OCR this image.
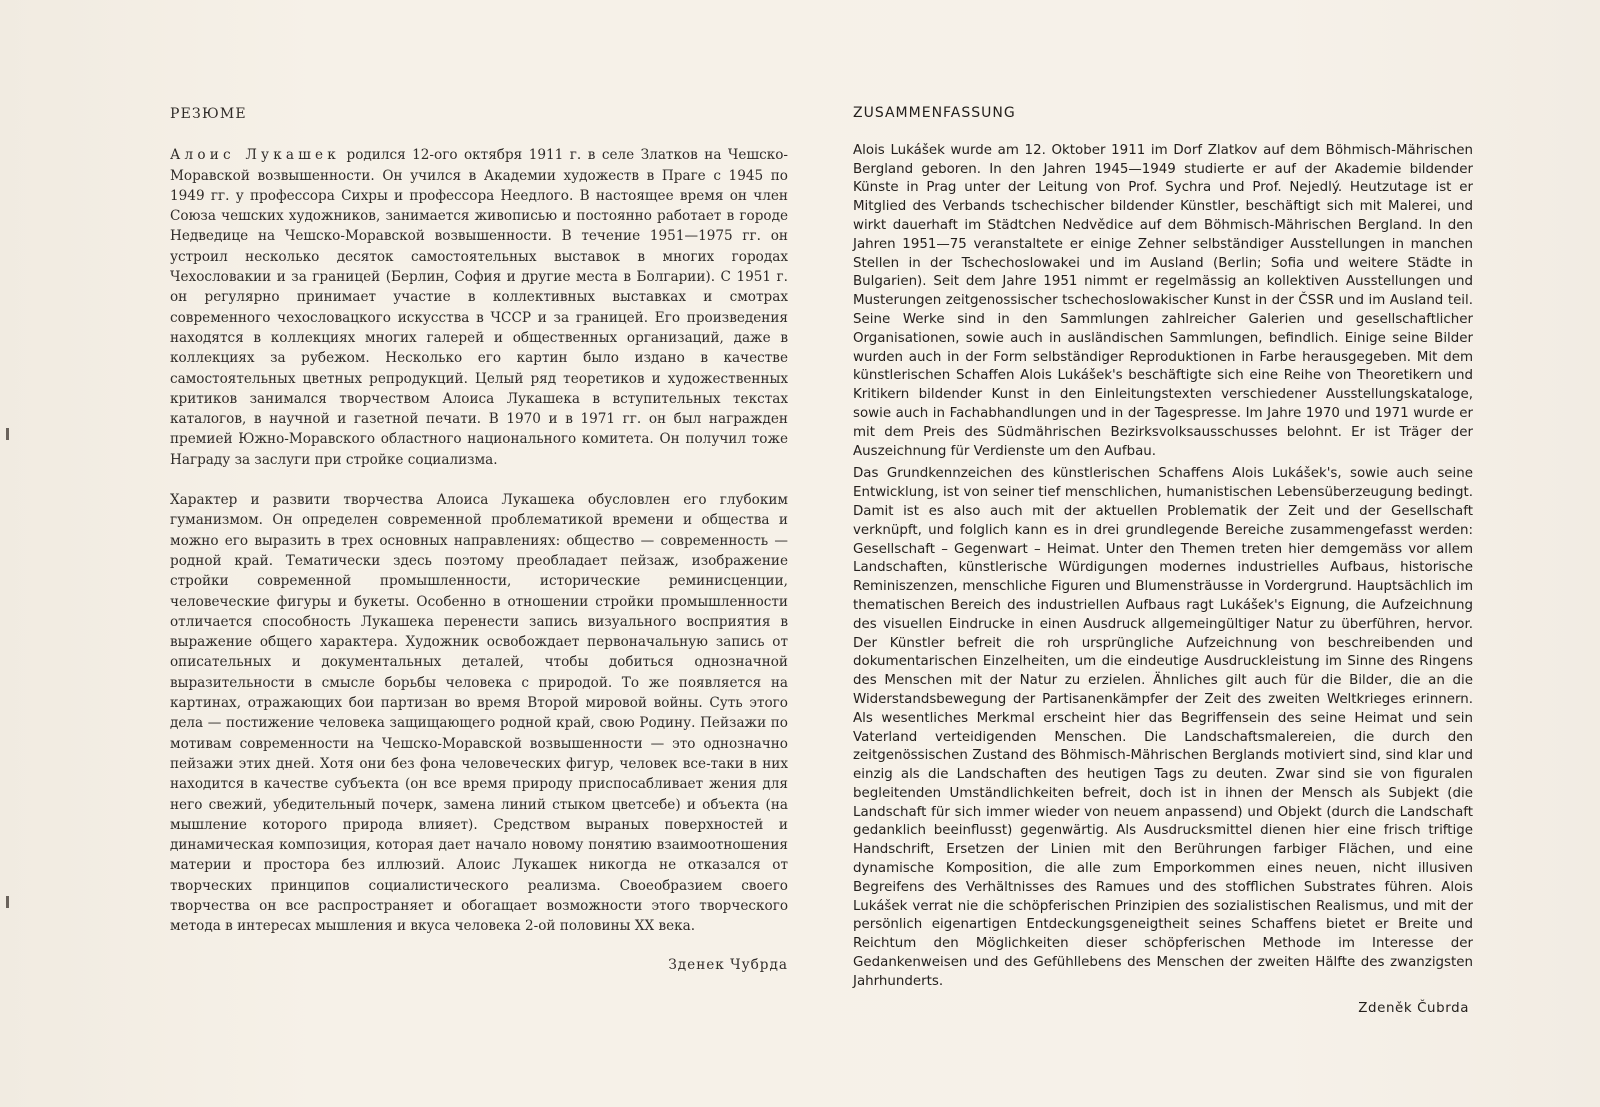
РЕЗЮМЕ

Алоис Лукашек родился 12-ого октября 1911 г. в селе Златков на Чешско-Моравской возвышенности. Он учился в Академии художеств в Праге с 1945 по 1949 гг. у профессора Сихры и профессора Неедлого. В настоящее время он член Союза чешских художников, занимается живописью и постоянно работает в городе Недведице на Чешско-Моравской возвышенности. В течение 1951—1975 гг. он устроил несколько десяток самостоятельных выставок в многих городах Чехословакии и за границей (Берлин, София и другие места в Болгарии). С 1951 г. он регулярно принимает участие в коллективных выставках и смотрах современного чехословацкого искусства в ЧССР и за границей. Его произведения находятся в коллекциях многих галерей и общественных организаций, даже в коллекциях за рубежом. Несколько его картин было издано в качестве самостоятельных цветных репродукций. Целый ряд теоретиков и художественных критиков занимался творчеством Алоиса Лукашека в вступительных текстах каталогов, в научной и газетной печати. В 1970 и в 1971 гг. он был награжден премией Южно-Моравского областного национального комитета. Он получил тоже Награду за заслуги при стройке социализма.

Характер и развити творчества Алоиса Лукашека обусловлен его глубоким гуманизмом. Он определен современной проблематикой времени и общества и можно его выразить в трех основных направлениях: общество — современность — родной край. Тематически здесь поэтому преобладает пейзаж, изображение стройки современной промышленности, исторические реминисценции, человеческие фигуры и букеты. Особенно в отношении стройки промышленности отличается способность Лукашека перенести запись визуального восприятия в выражение общего характера. Художник освобождает первоначальную запись от описательных и документальных деталей, чтобы добиться однозначной выразительности в смысле борьбы человека с природой. То же появляется на картинах, отражающих бои партизан во время Второй мировой войны. Суть этого дела — постижение человека защищающего родной край, свою Родину. Пейзажи по мотивам современности на Чешско-Моравской возвышенности — это однозначно пейзажи этих дней. Хотя они без фона человеческих фигур, человек все-таки в них находится в качестве субъекта (он все время природу приспосабливает жения для него свежий, убедительный почерк, замена линий стыком цветсебе) и объекта (на мышление которого природа влияет). Средством выраных поверхностей и динамическая композиция, которая дает начало новому понятию взаимоотношения материи и простора без иллюзий. Алоис Лукашек никогда не отказался от творческих принципов социалистического реализма. Своеобразием своего творчества он все распространяет и обогащает возможности этого творческого метода в интересах мышления и вкуса человека 2-ой половины XX века.

Зденек Чубрда

ZUSAMMENFASSUNG

Alois Lukášek wurde am 12. Oktober 1911 im Dorf Zlatkov auf dem Böhmisch-Mährischen Bergland geboren. In den Jahren 1945—1949 studierte er auf der Akademie bildender Künste in Prag unter der Leitung von Prof. Sychra und Prof. Nejedlý. Heutzutage ist er Mitglied des Verbands tschechischer bildender Künstler, beschäftigt sich mit Malerei, und wirkt dauerhaft im Städtchen Nedvědice auf dem Böhmisch-Mährischen Bergland. In den Jahren 1951—75 veranstaltete er einige Zehner selbständiger Ausstellungen in manchen Stellen in der Tschechoslowakei und im Ausland (Berlin; Sofia und weitere Städte in Bulgarien). Seit dem Jahre 1951 nimmt er regelmässig an kollektiven Ausstellungen und Musterungen zeitgenossischer tschechoslowakischer Kunst in der ČSSR und im Ausland teil. Seine Werke sind in den Sammlungen zahlreicher Galerien und gesellschaftlicher Organisationen, sowie auch in ausländischen Sammlungen, befindlich. Einige seine Bilder wurden auch in der Form selbständiger Reproduktionen in Farbe herausgegeben. Mit dem künstlerischen Schaffen Alois Lukášek's beschäftigte sich eine Reihe von Theoretikern und Kritikern bildender Kunst in den Einleitungstexten verschiedener Ausstellungskataloge, sowie auch in Fachabhandlungen und in der Tagespresse. Im Jahre 1970 und 1971 wurde er mit dem Preis des Südmährischen Bezirksvolksausschusses belohnt. Er ist Träger der Auszeichnung für Verdienste um den Aufbau.

Das Grundkennzeichen des künstlerischen Schaffens Alois Lukášek's, sowie auch seine Entwicklung, ist von seiner tief menschlichen, humanistischen Lebensüberzeugung bedingt. Damit ist es also auch mit der aktuellen Problematik der Zeit und der Gesellschaft verknüpft, und folglich kann es in drei grundlegende Bereiche zusammengefasst werden: Gesellschaft – Gegenwart – Heimat. Unter den Themen treten hier demgemäss vor allem Landschaften, künstlerische Würdigungen modernes industrielles Aufbaus, historische Reminiszenzen, menschliche Figuren und Blumensträusse in Vordergrund. Hauptsächlich im thematischen Bereich des industriellen Aufbaus ragt Lukášek's Eignung, die Aufzeichnung des visuellen Eindrucke in einen Ausdruck allgemeingültiger Natur zu überführen, hervor. Der Künstler befreit die roh ursprüngliche Aufzeichnung von beschreibenden und dokumentarischen Einzelheiten, um die eindeutige Ausdruckleistung im Sinne des Ringens des Menschen mit der Natur zu erzielen. Ähnliches gilt auch für die Bilder, die an die Widerstandsbewegung der Partisanenkämpfer der Zeit des zweiten Weltkrieges erinnern. Als wesentliches Merkmal erscheint hier das Begriffensein des seine Heimat und sein Vaterland verteidigenden Menschen. Die Landschaftsmalereien, die durch den zeitgenössischen Zustand des Böhmisch-Mährischen Berglands motiviert sind, sind klar und einzig als die Landschaften des heutigen Tags zu deuten. Zwar sind sie von figuralen begleitenden Umständlichkeiten befreit, doch ist in ihnen der Mensch als Subjekt (die Landschaft für sich immer wieder von neuem anpassend) und Objekt (durch die Landschaft gedanklich beeinflusst) gegenwärtig. Als Ausdrucksmittel dienen hier eine frisch triftige Handschrift, Ersetzen der Linien mit den Berührungen farbiger Flächen, und eine dynamische Komposition, die alle zum Emporkommen eines neuen, nicht illusiven Begreifens des Verhältnisses des Ramues und des stofflichen Substrates führen. Alois Lukášek verrat nie die schöpferischen Prinzipien des sozialistischen Realismus, und mit der persönlich eigenartigen Entdeckungsgeneigtheit seines Schaffens bietet er Breite und Reichtum den Möglichkeiten dieser schöpferischen Methode im Interesse der Gedankenweisen und des Gefühllebens des Menschen der zweiten Hälfte des zwanzigsten Jahrhunderts.

Zdeněk Čubrda
